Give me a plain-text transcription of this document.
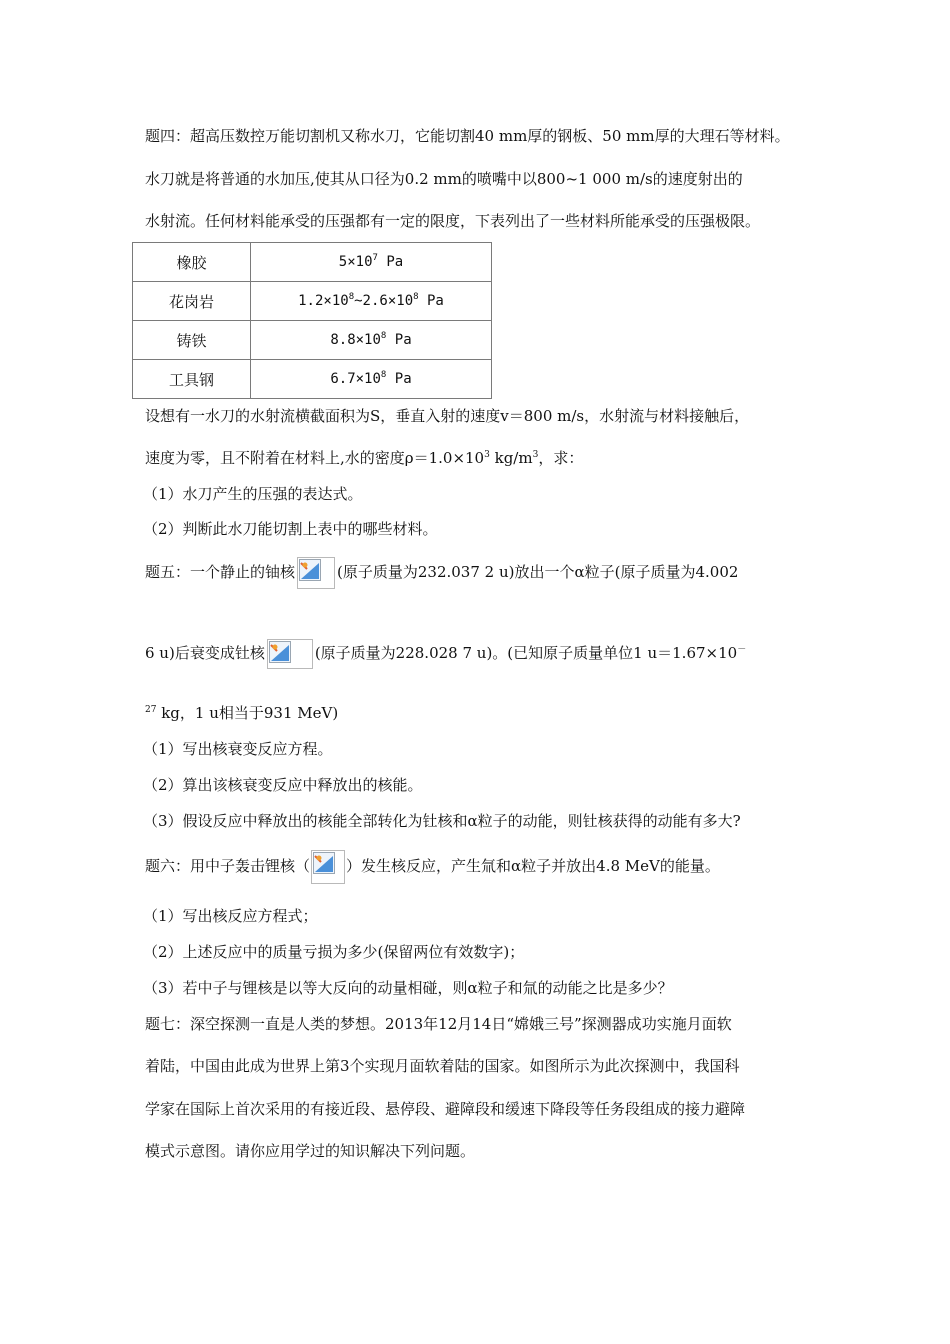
题四：超高压数控万能切割机又称水刀，它能切割40 mm厚的钢板、50 mm厚的大理石等材料。
水刀就是将普通的水加压,使其从口径为0.2 mm的喷嘴中以800~1 000 m/s的速度射出的
水射流。任何材料能承受的压强都有一定的限度，下表列出了一些材料所能承受的压强极限。
橡胶	$5\times 10^7$ Pa
花岗岩	$1.2\times 10^8\sim 2.6\times 10^8$ Pa
铸铁	$8.8\times 10^8$ Pa
工具钢	$6.7\times 10^8$ Pa
设想有一水刀的水射流横截面积为S，垂直入射的速度v＝800 m/s，水射流与材料接触后，
速度为零，且不附着在材料上,水的密度$\rho=1.0\times 10^3$ $kg/m^3$，求：
（1）水刀产生的压强的表达式。
（2）判断此水刀能切割上表中的哪些材料。
题五：一个静止的铀核	(原子质量为232.037 2 u)放出一个α粒子(原子质量为4.002
6 u)后衰变成钍核	(原子质量为228.028 7 u)。(已知原子质量单位1 u＝1.67×10－
$^{27}$ kg，1 u相当于931 MeV)
（1）写出核衰变反应方程。
（2）算出该核衰变反应中释放出的核能。
（3）假设反应中释放出的核能全部转化为钍核和α粒子的动能，则钍核获得的动能有多大?
题六：用中子轰击锂核（ ）发生核反应，产生氚和α粒子并放出4.8 MeV的能量。
（1）写出核反应方程式；
（2）上述反应中的质量亏损为多少(保留两位有效数字)；
（3）若中子与锂核是以等大反向的动量相碰，则α粒子和氚的动能之比是多少？
题七：深空探测一直是人类的梦想。2013年12月14日“嫦娥三号”探测器成功实施月面软
着陆，中国由此成为世界上第3个实现月面软着陆的国家。如图所示为此次探测中，我国科
学家在国际上首次采用的有接近段、悬停段、避障段和缓速下降段等任务段组成的接力避障
模式示意图。请你应用学过的知识解决下列问题。
